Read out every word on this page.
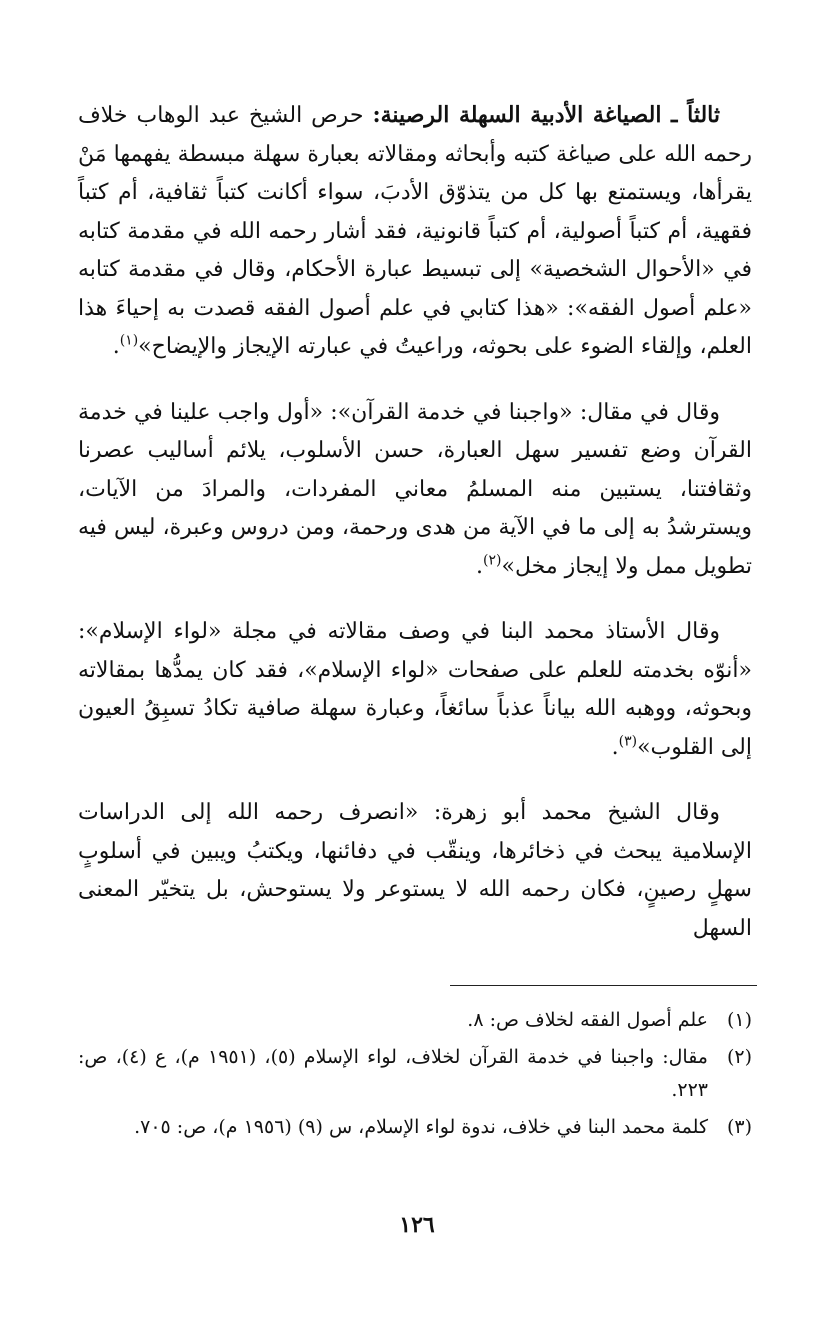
ثالثاً ـ الصياغة الأدبية السهلة الرصينة: حرص الشيخ عبد الوهاب خلاف رحمه الله على صياغة كتبه وأبحاثه ومقالاته بعبارة سهلة مبسطة يفهمها مَنْ يقرأها، ويستمتع بها كل من يتذوّق الأدبَ، سواء أكانت كتباً ثقافية، أم كتباً فقهية، أم كتباً أصولية، أم كتباً قانونية، فقد أشار رحمه الله في مقدمة كتابه في «الأحوال الشخصية» إلى تبسيط عبارة الأحكام، وقال في مقدمة كتابه «علم أصول الفقه»: «هذا كتابي في علم أصول الفقه قصدت به إحياءَ هذا العلم، وإلقاء الضوء على بحوثه، وراعيتُ في عبارته الإيجاز والإيضاح»$^{(١)}$.

وقال في مقال: «واجبنا في خدمة القرآن»: «أول واجب علينا في خدمة القرآن وضع تفسير سهل العبارة، حسن الأسلوب، يلائم أساليب عصرنا وثقافتنا، يستبين منه المسلمُ معاني المفردات، والمرادَ من الآيات، ويسترشدُ به إلى ما في الآية من هدى ورحمة، ومن دروس وعبرة، ليس فيه تطويل ممل ولا إيجاز مخل»$^{(٢)}$.

وقال الأستاذ محمد البنا في وصف مقالاته في مجلة «لواء الإسلام»: «أنوّه بخدمته للعلم على صفحات «لواء الإسلام»، فقد كان يمدُّها بمقالاته وبحوثه، ووهبه الله بياناً عذباً سائغاً، وعبارة سهلة صافية تكادُ تسبِقُ العيون إلى القلوب»$^{(٣)}$.

وقال الشيخ محمد أبو زهرة: «انصرف رحمه الله إلى الدراسات الإسلامية يبحث في ذخائرها، وينقّب في دفائنها، ويكتبُ ويبين في أسلوبٍ سهلٍ رصينٍ، فكان رحمه الله لا يستوعر ولا يستوحش، بل يتخيّر المعنى السهل

(١)
علم أصول الفقه لخلاف ص: ٨.
(٢)
مقال: واجبنا في خدمة القرآن لخلاف، لواء الإسلام (٥)، (١٩٥١ م)، ع (٤)، ص: ٢٢٣.
(٣)
كلمة محمد البنا في خلاف، ندوة لواء الإسلام، س (٩) (١٩٥٦ م)، ص: ٧٠٥.
١٢٦
